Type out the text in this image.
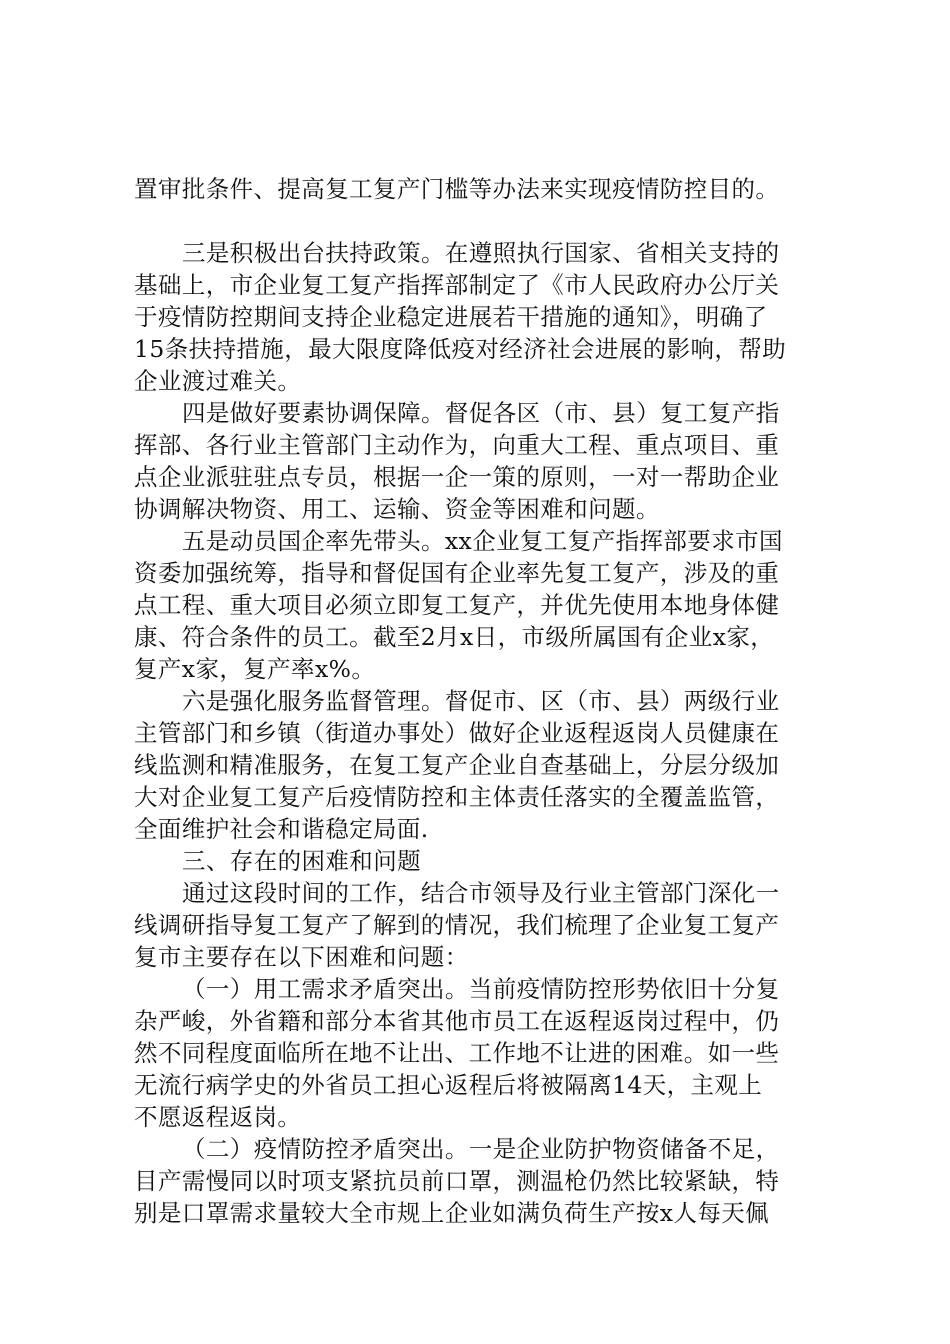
置审批条件、提高复工复产门槛等办法来实现疫情防控目的。
三是积极出台扶持政策。在遵照执行国家、省相关支持的
基础上，市企业复工复产指挥部制定了《市人民政府办公厅关
于疫情防控期间支持企业稳定进展若干措施的通知》，明确了
15条扶持措施，最大限度降低疫对经济社会进展的影响，帮助
企业渡过难关。
四是做好要素协调保障。督促各区（市、县）复工复产指
挥部、各行业主管部门主动作为，向重大工程、重点项目、重
点企业派驻驻点专员，根据一企一策的原则，一对一帮助企业
协调解决物资、用工、运输、资金等困难和问题。
五是动员国企率先带头。xx企业复工复产指挥部要求市国
资委加强统筹，指导和督促国有企业率先复工复产，涉及的重
点工程、重大项目必须立即复工复产，并优先使用本地身体健
康、符合条件的员工。截至2月x日，市级所属国有企业x家，
复产x家，复产率x%。
六是强化服务监督管理。督促市、区（市、县）两级行业
主管部门和乡镇（街道办事处）做好企业返程返岗人员健康在
线监测和精准服务，在复工复产企业自查基础上，分层分级加
大对企业复工复产后疫情防控和主体责任落实的全覆盖监管，
全面维护社会和谐稳定局面.
三、存在的困难和问题
通过这段时间的工作，结合市领导及行业主管部门深化一
线调研指导复工复产了解到的情况，我们梳理了企业复工复产
复市主要存在以下困难和问题：
（一）用工需求矛盾突出。当前疫情防控形势依旧十分复
杂严峻，外省籍和部分本省其他市员工在返程返岗过程中，仍
然不同程度面临所在地不让出、工作地不让进的困难。如一些
无流行病学史的外省员工担心返程后将被隔离14天，主观上
不愿返程返岗。
（二）疫情防控矛盾突出。一是企业防护物资储备不足，
目产需慢同以时项支紧抗员前口罩，测温枪仍然比较紧缺，特
别是口罩需求量较大全市规上企业如满负荷生产按x人每天佩
